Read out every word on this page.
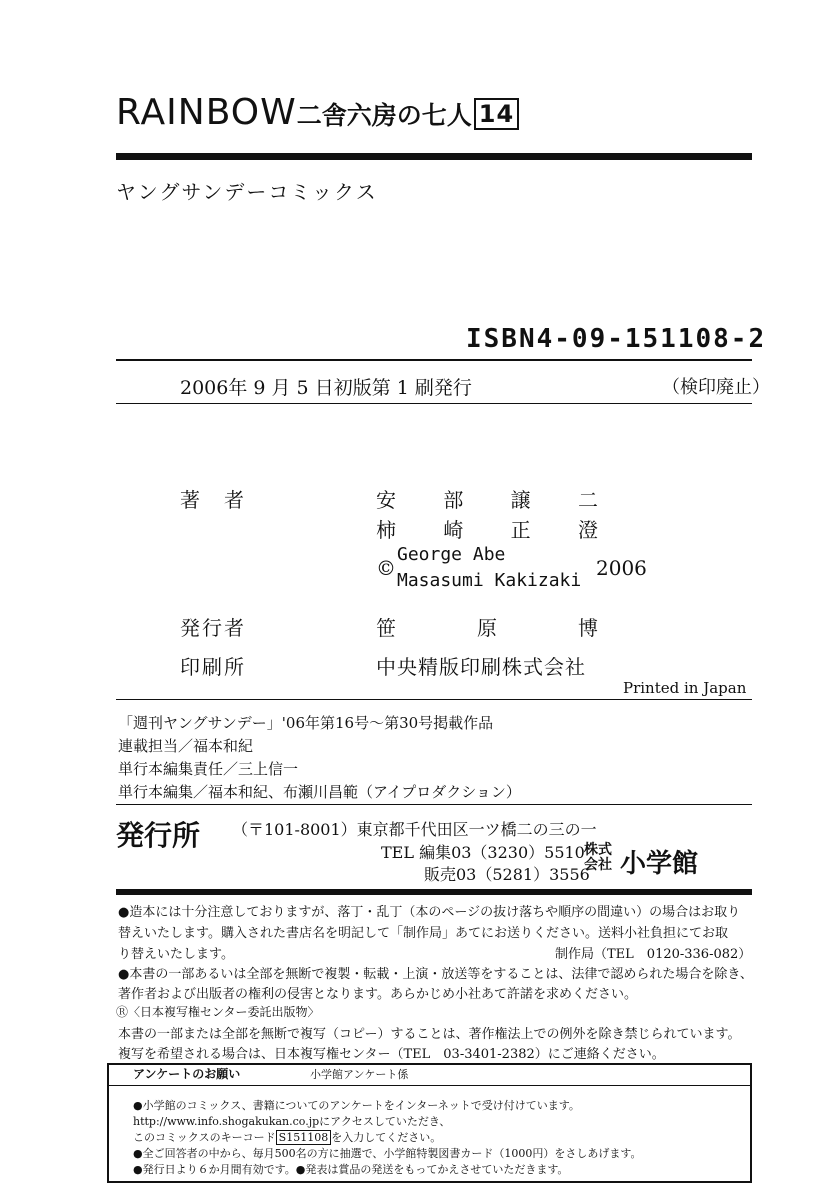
RAINBOW二舎六房の七人 14
ヤングサンデーコミックス
ISBN4-09-151108-2
2006年 9 月 5 日初版第 1 刷発行	（検印廃止）
著　者	安 部 譲 二
柿 崎 正 澄
©
George Abe
Masasumi Kakizaki
2006
発行者	笹	原	博
印刷所	中央精版印刷株式会社
Printed in Japan
「週刊ヤングサンデー」'06年第16号～第30号掲載作品
連載担当／福本和紀
単行本編集責任／三上信一
単行本編集／福本和紀、布瀬川昌範（アイプロダクション）
発行所 （〒101-8001）東京都千代田区一ツ橋二の三の一
TEL 編集03（3230）5510
販売03（5281）3556
株式
会社 小学館
●造本には十分注意しておりますが、落丁・乱丁（本のページの抜け落ちや順序の間違い）の場合はお取り
替えいたします。購入された書店名を明記して「制作局」あてにお送りください。送料小社負担にてお取
り替えいたします。	制作局（TEL　0120-336-082）
●本書の一部あるいは全部を無断で複製・転載・上演・放送等をすることは、法律で認められた場合を除き、
著作者および出版者の権利の侵害となります。あらかじめ小社あて許諾を求めください。
Ⓡ〈日本複写権センター委託出版物〉
本書の一部または全部を無断で複写（コピー）することは、著作権法上での例外を除き禁じられています。
複写を希望される場合は、日本複写権センター（TEL　03-3401-2382）にご連絡ください。
アンケートのお願い	小学館アンケート係
●小学館のコミックス、書籍についてのアンケートをインターネットで受け付けています。
http://www.info.shogakukan.co.jpにアクセスしていただき、
このコミックスのキーコード S151108 を入力してください。
●全ご回答者の中から、毎月500名の方に抽選で、小学館特製図書カード（1000円）をさしあげます。
●発行日より６か月間有効です。●発表は賞品の発送をもってかえさせていただきます。
